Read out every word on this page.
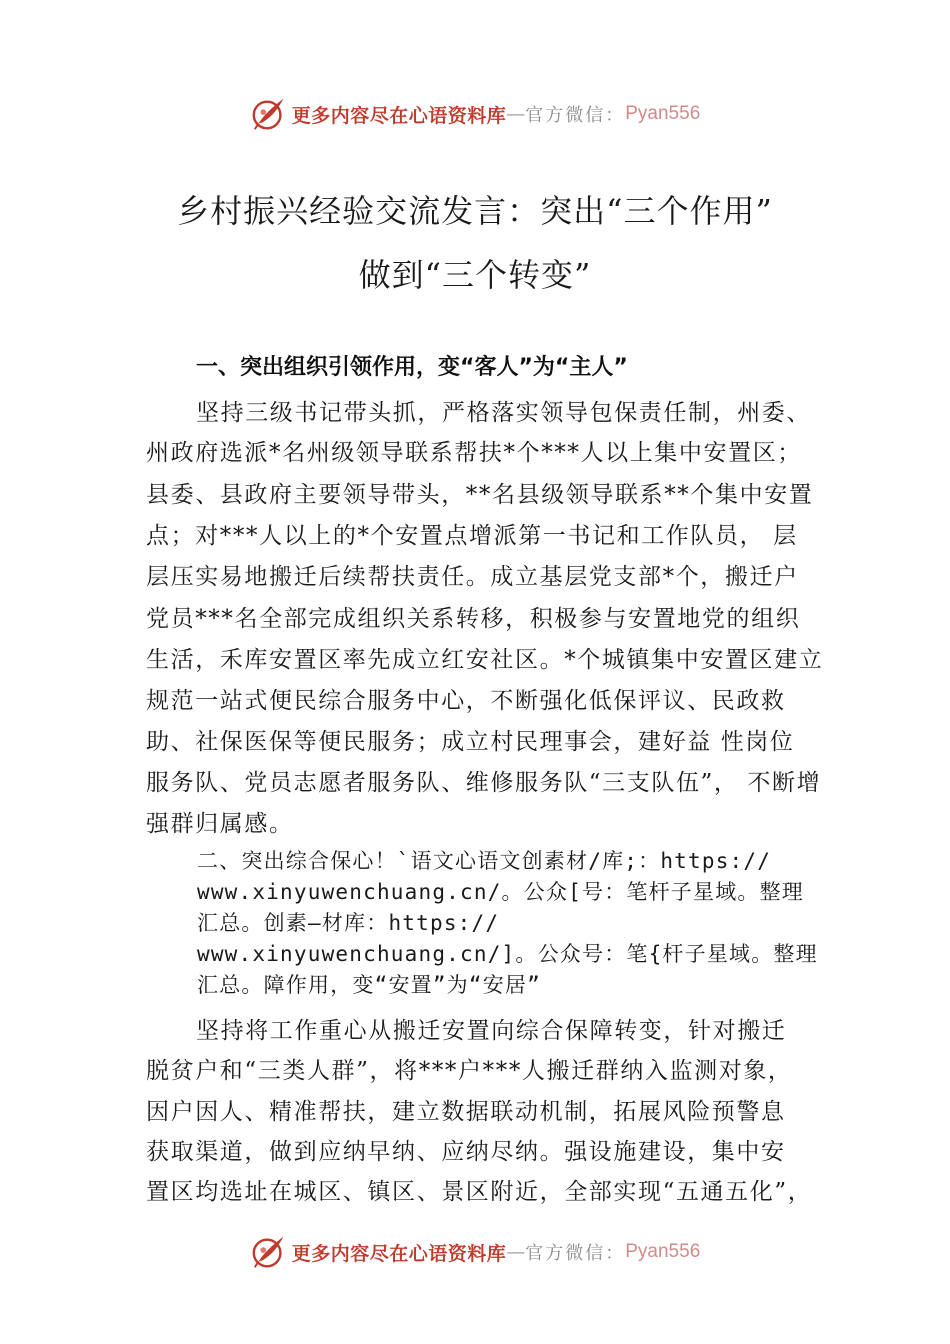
更多内容尽在心语资料库 — 官方微信： Pyan556
乡村振兴经验交流发言：突出“三个作用”
做到“三个转变”
一、突出组织引领作用，变“客人”为“主人”
坚持三级书记带头抓，严格落实领导包保责任制，州委、
州政府选派*名州级领导联系帮扶*个***人以上集中安置区；
县委、县政府主要领导带头，**名县级领导联系**个集中安置
点；对***人以上的*个安置点增派第一书记和工作队员， 层
层压实易地搬迁后续帮扶责任。成立基层党支部*个，搬迁户
党员***名全部完成组织关系转移，积极参与安置地党的组织
生活，禾库安置区率先成立红安社区。*个城镇集中安置区建立
规范一站式便民综合服务中心，不断强化低保评议、民政救
助、社保医保等便民服务；成立村民理事会，建好益 性岗位
服务队、党员志愿者服务队、维修服务队“三支队伍”， 不断增
强群归属感。
二、突出综合保心！`语文心语文创素材/库;：https://
www.xinyuwenchuang.cn/。公众[号：笔杆子星域。整理
汇总。创素—材库：https://
www.xinyuwenchuang.cn/]。公众号：笔{杆子星域。整理
汇总。障作用，变“安置”为“安居”
坚持将工作重心从搬迁安置向综合保障转变，针对搬迁
脱贫户和“三类人群”，将***户***人搬迁群纳入监测对象，
因户因人、精准帮扶，建立数据联动机制，拓展风险预警息
获取渠道，做到应纳早纳、应纳尽纳。强设施建设，集中安
置区均选址在城区、镇区、景区附近，全部实现“五通五化”，
更多内容尽在心语资料库 — 官方微信： Pyan556
